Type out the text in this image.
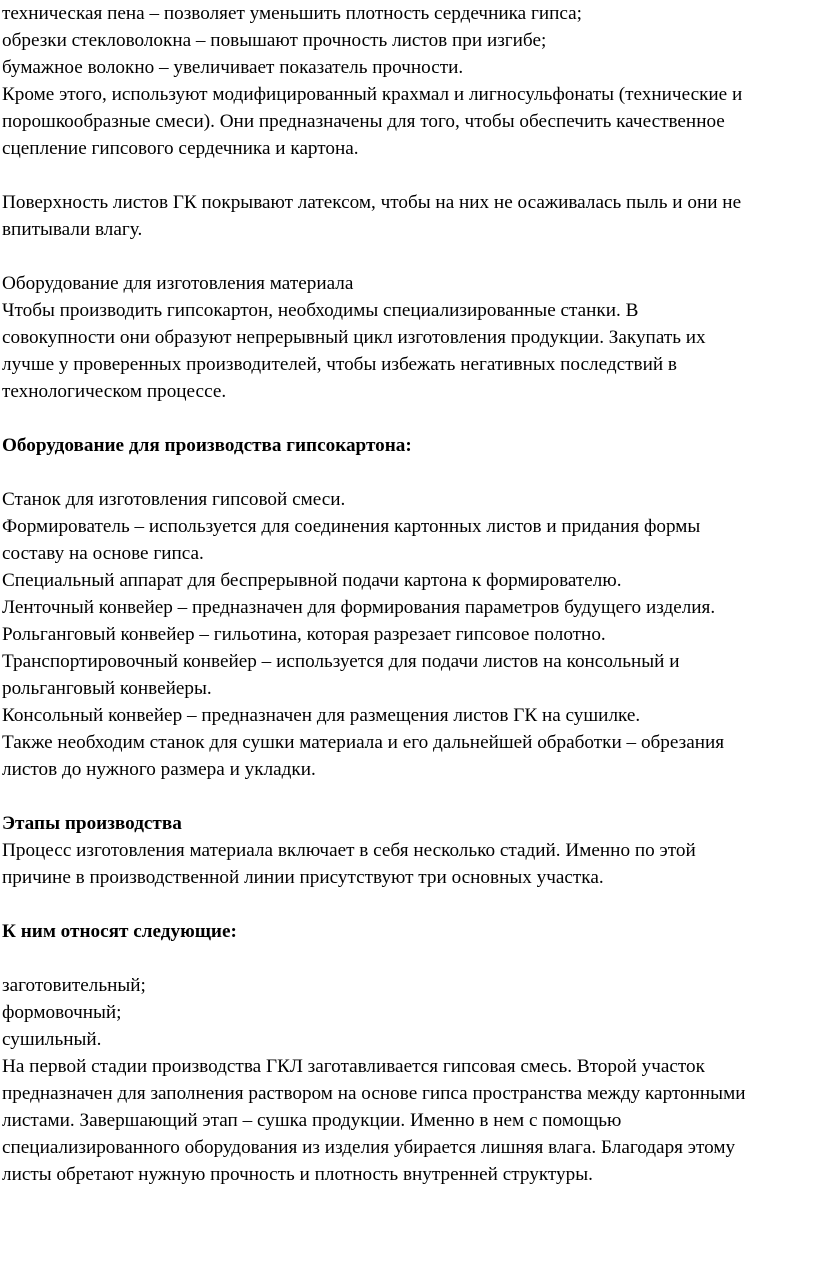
техническая пена – позволяет уменьшить плотность сердечника гипса;
обрезки стекловолокна – повышают прочность листов при изгибе;
бумажное волокно – увеличивает показатель прочности.
Кроме этого, используют модифицированный крахмал и лигносульфонаты (технические и
порошкообразные смеси). Они предназначены для того, чтобы обеспечить качественное
сцепление гипсового сердечника и картона.
Поверхность листов ГК покрывают латексом, чтобы на них не осаживалась пыль и они не
впитывали влагу.
Оборудование для изготовления материала
Чтобы производить гипсокартон, необходимы специализированные станки. В
совокупности они образуют непрерывный цикл изготовления продукции. Закупать их
лучше у проверенных производителей, чтобы избежать негативных последствий в
технологическом процессе.
Оборудование для производства гипсокартона:
Станок для изготовления гипсовой смеси.
Формирователь – используется для соединения картонных листов и придания формы
составу на основе гипса.
Специальный аппарат для беспрерывной подачи картона к формирователю.
Ленточный конвейер – предназначен для формирования параметров будущего изделия.
Рольганговый конвейер – гильотина, которая разрезает гипсовое полотно.
Транспортировочный конвейер – используется для подачи листов на консольный и
рольганговый конвейеры.
Консольный конвейер – предназначен для размещения листов ГК на сушилке.
Также необходим станок для сушки материала и его дальнейшей обработки – обрезания
листов до нужного размера и укладки.
Этапы производства
Процесс изготовления материала включает в себя несколько стадий. Именно по этой
причине в производственной линии присутствуют три основных участка.
К ним относят следующие:
заготовительный;
формовочный;
сушильный.
На первой стадии производства ГКЛ заготавливается гипсовая смесь. Второй участок
предназначен для заполнения раствором на основе гипса пространства между картонными
листами. Завершающий этап – сушка продукции. Именно в нем с помощью
специализированного оборудования из изделия убирается лишняя влага. Благодаря этому
листы обретают нужную прочность и плотность внутренней структуры.
